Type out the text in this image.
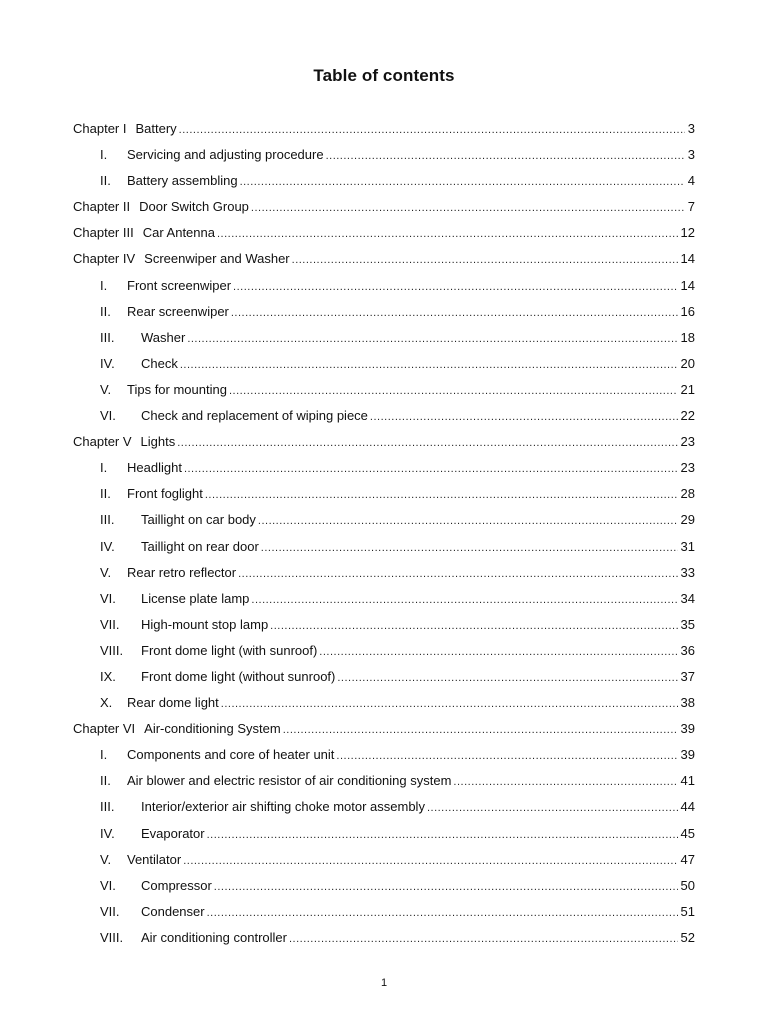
Table of contents
Chapter I Battery .....	3
I.	Servicing and adjusting procedure .....	3
II.	Battery assembling .....	4
Chapter II Door Switch Group .....	7
Chapter III Car Antenna .....	12
Chapter IV Screenwiper and Washer .....	14
I.	Front screenwiper .....	14
II.	Rear screenwiper .....	16
III.	Washer .....	18
IV.	Check .....	20
V.	Tips for mounting .....	21
VI.	Check and replacement of wiping piece .....	22
Chapter V Lights .....	23
I.	Headlight .....	23
II.	Front foglight .....	28
III.	Taillight on car body .....	29
IV.	Taillight on rear door .....	31
V.	Rear retro reflector .....	33
VI.	License plate lamp .....	34
VII.	High-mount stop lamp .....	35
VIII.	Front dome light (with sunroof) .....	36
IX.	Front dome light (without sunroof) .....	37
X.	Rear dome light .....	38
Chapter VI Air-conditioning System .....	39
I.	Components and core of heater unit .....	39
II.	Air blower and electric resistor of air conditioning system .....	41
III.	Interior/exterior air shifting choke motor assembly .....	44
IV.	Evaporator .....	45
V.	Ventilator .....	47
VI.	Compressor .....	50
VII.	Condenser .....	51
VIII.	Air conditioning controller .....	52
1
